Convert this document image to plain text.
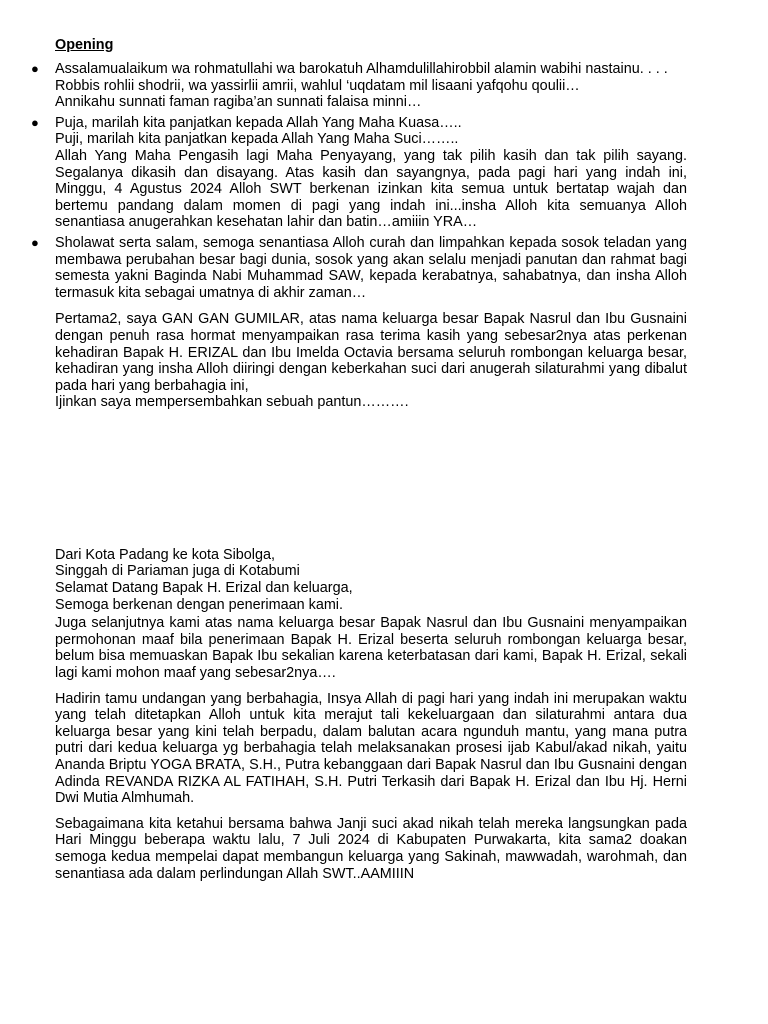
Opening
● Assalamualaikum wa rohmatullahi wa barokatuh Alhamdulillahirobbil alamin wabihi nastainu. . . .
Robbis rohlii shodrii, wa yassirlii amrii, wahlul ‘uqdatam mil lisaani yafqohu qoulii…
Annikahu sunnati faman ragiba’an sunnati falaisa minni…
● Puja, marilah kita panjatkan kepada Allah Yang Maha Kuasa…..
Puji, marilah kita panjatkan kepada Allah Yang Maha Suci……..
Allah Yang Maha Pengasih lagi Maha Penyayang, yang tak pilih kasih dan tak pilih sayang. Segalanya dikasih dan disayang. Atas kasih dan sayangnya, pada pagi hari yang indah ini, Minggu, 4 Agustus 2024 Alloh SWT berkenan izinkan kita semua untuk bertatap wajah dan bertemu pandang dalam momen di pagi yang indah ini...insha Alloh kita semuanya Alloh senantiasa anugerahkan kesehatan lahir dan batin…amiiin YRA…
● Sholawat serta salam, semoga senantiasa Alloh curah dan limpahkan kepada sosok teladan yang membawa perubahan besar bagi dunia, sosok yang akan selalu menjadi panutan dan rahmat bagi semesta yakni Baginda Nabi Muhammad SAW, kepada kerabatnya, sahabatnya, dan insha Alloh termasuk kita sebagai umatnya di akhir zaman…

Pertama2, saya GAN GAN GUMILAR, atas nama keluarga besar Bapak Nasrul dan Ibu Gusnaini dengan penuh rasa hormat menyampaikan rasa terima kasih yang sebesar2nya atas perkenan kehadiran Bapak H. ERIZAL dan Ibu Imelda Octavia bersama seluruh rombongan keluarga besar, kehadiran yang insha Alloh diiringi dengan keberkahan suci dari anugerah silaturahmi yang dibalut pada hari yang berbahagia ini,

Ijinkan saya mempersembahkan sebuah pantun……….

Dari Kota Padang ke kota Sibolga,
Singgah di Pariaman juga di Kotabumi
Selamat Datang Bapak H. Erizal dan keluarga,
Semoga berkenan dengan penerimaan kami.

Juga selanjutnya kami atas nama keluarga besar Bapak Nasrul dan Ibu Gusnaini menyampaikan permohonan maaf bila penerimaan Bapak H. Erizal beserta seluruh rombongan keluarga besar, belum bisa memuaskan Bapak Ibu sekalian karena keterbatasan dari kami, Bapak H. Erizal, sekali lagi kami mohon maaf yang sebesar2nya….

Hadirin tamu undangan yang berbahagia, Insya Allah di pagi hari yang indah ini merupakan waktu yang telah ditetapkan Alloh untuk kita merajut tali kekeluargaan dan silaturahmi antara dua keluarga besar yang kini telah berpadu, dalam balutan acara ngunduh mantu, yang mana putra putri dari kedua keluarga yg berbahagia telah melaksanakan prosesi ijab Kabul/akad nikah, yaitu Ananda Briptu YOGA BRATA, S.H., Putra kebanggaan dari Bapak Nasrul dan Ibu Gusnaini dengan Adinda REVANDA RIZKA AL FATIHAH, S.H. Putri Terkasih dari Bapak H. Erizal dan Ibu Hj. Herni Dwi Mutia Almhumah.

Sebagaimana kita ketahui bersama bahwa Janji suci akad nikah telah mereka langsungkan pada Hari Minggu beberapa waktu lalu, 7 Juli 2024 di Kabupaten Purwakarta, kita sama2 doakan semoga kedua mempelai dapat membangun keluarga yang Sakinah, mawwadah, warohmah, dan senantiasa ada dalam perlindungan Allah SWT..AAMIIIN
